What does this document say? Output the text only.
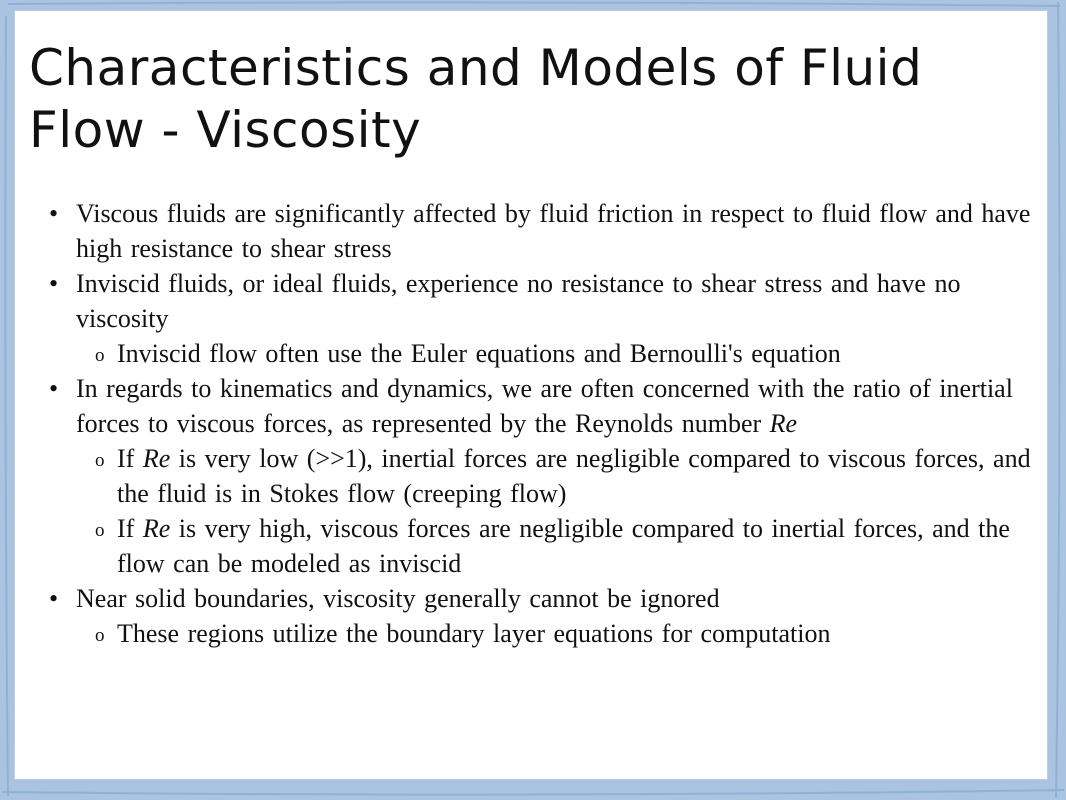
Characteristics and Models of Fluid Flow - Viscosity
• Viscous fluids are significantly affected by fluid friction in respect to fluid flow and have high resistance to shear stress
• Inviscid fluids, or ideal fluids, experience no resistance to shear stress and have no viscosity
o Inviscid flow often use the Euler equations and Bernoulli's equation
• In regards to kinematics and dynamics, we are often concerned with the ratio of inertial forces to viscous forces, as represented by the Reynolds number Re
o If Re is very low (>>1), inertial forces are negligible compared to viscous forces, and the fluid is in Stokes flow (creeping flow)
o If Re is very high, viscous forces are negligible compared to inertial forces, and the flow can be modeled as inviscid
• Near solid boundaries, viscosity generally cannot be ignored
o These regions utilize the boundary layer equations for computation
